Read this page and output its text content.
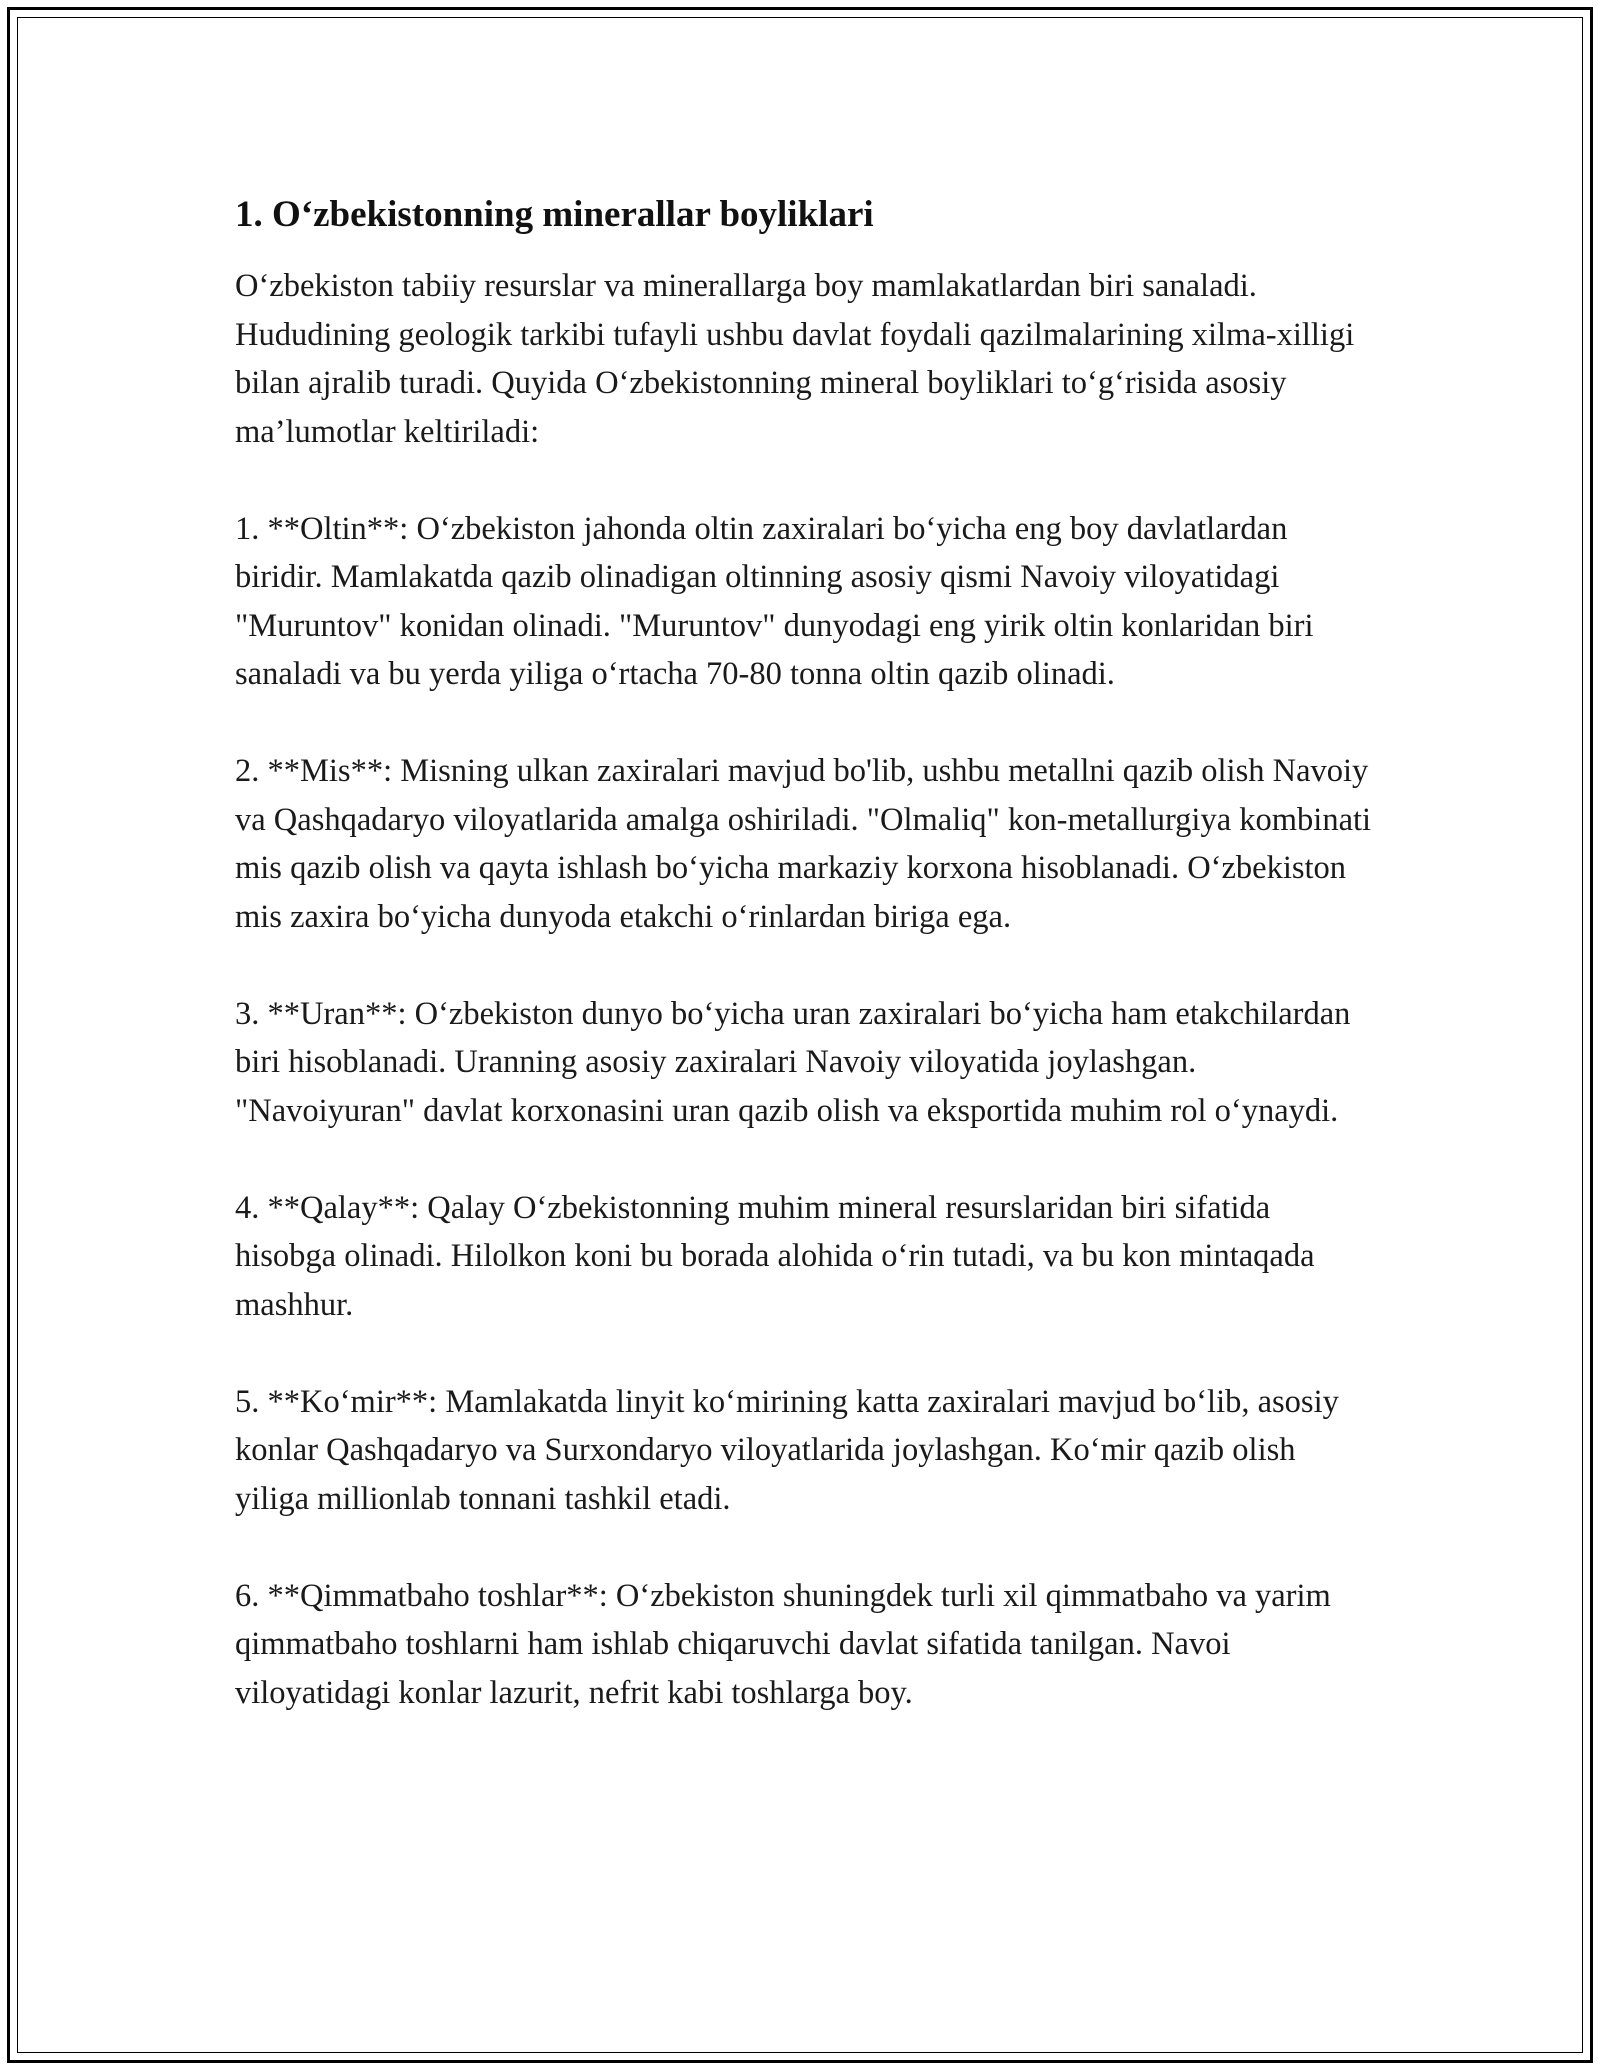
1. O‘zbekistonning minerallar boyliklari

O‘zbekiston tabiiy resurslar va minerallarga boy mamlakatlardan biri sanaladi. Hududining geologik tarkibi tufayli ushbu davlat foydali qazilmalarining xilma-xilligi bilan ajralib turadi. Quyida O‘zbekistonning mineral boyliklari to‘g‘risida asosiy ma’lumotlar keltiriladi:

1. **Oltin**: O‘zbekiston jahonda oltin zaxiralari bo‘yicha eng boy davlatlardan biridir. Mamlakatda qazib olinadigan oltinning asosiy qismi Navoiy viloyatidagi "Muruntov" konidan olinadi. "Muruntov" dunyodagi eng yirik oltin konlaridan biri sanaladi va bu yerda yiliga o‘rtacha 70-80 tonna oltin qazib olinadi.

2. **Mis**: Misning ulkan zaxiralari mavjud bo'lib, ushbu metallni qazib olish Navoiy va Qashqadaryo viloyatlarida amalga oshiriladi. "Olmaliq" kon-metallurgiya kombinati mis qazib olish va qayta ishlash bo‘yicha markaziy korxona hisoblanadi. O‘zbekiston mis zaxira bo‘yicha dunyoda etakchi o‘rinlardan biriga ega.

3. **Uran**: O‘zbekiston dunyo bo‘yicha uran zaxiralari bo‘yicha ham etakchilardan biri hisoblanadi. Uranning asosiy zaxiralari Navoiy viloyatida joylashgan. "Navoiyuran" davlat korxonasini uran qazib olish va eksportida muhim rol o‘ynaydi.

4. **Qalay**: Qalay O‘zbekistonning muhim mineral resurslaridan biri sifatida hisobga olinadi. Hilolkon koni bu borada alohida o‘rin tutadi, va bu kon mintaqada mashhur.

5. **Ko‘mir**: Mamlakatda linyit ko‘mirining katta zaxiralari mavjud bo‘lib, asosiy konlar Qashqadaryo va Surxondaryo viloyatlarida joylashgan. Ko‘mir qazib olish yiliga millionlab tonnani tashkil etadi.

6. **Qimmatbaho toshlar**: O‘zbekiston shuningdek turli xil qimmatbaho va yarim qimmatbaho toshlarni ham ishlab chiqaruvchi davlat sifatida tanilgan. Navoi viloyatidagi konlar lazurit, nefrit kabi toshlarga boy.
